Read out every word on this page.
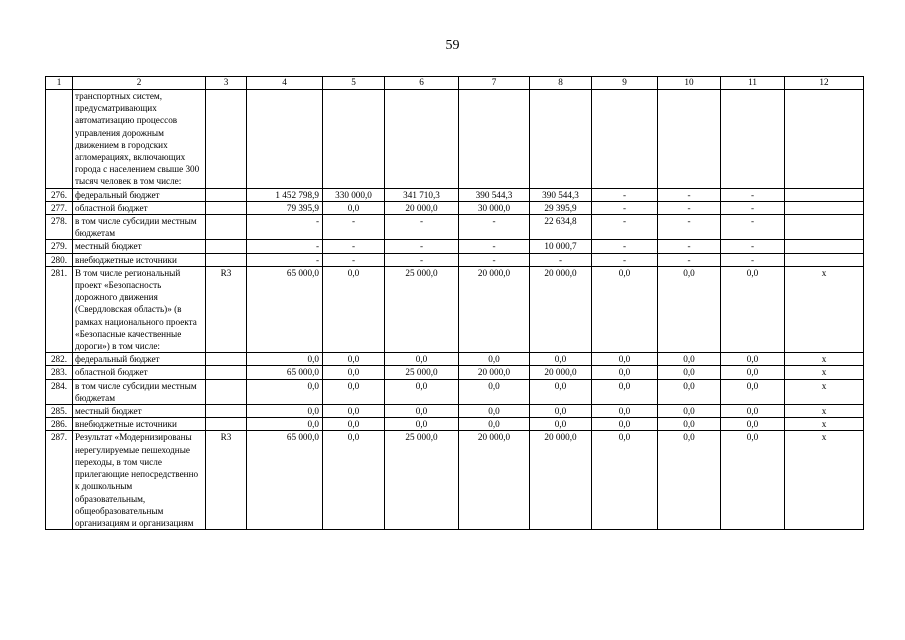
59
1	2	3	4	5	6	7	8	9	10	11	12
	транспортных систем, предусматривающих автоматизацию процессов управления дорожным движением в городских агломерациях, включающих города с населением свыше 300 тысяч человек в том числе:										
276.	федеральный бюджет		1 452 798,9	330 000,0	341 710,3	390 544,3	390 544,3	-	-	-	
277.	областной бюджет		79 395,9	0,0	20 000,0	30 000,0	29 395,9	-	-	-	
278.	в том числе субсидии местным бюджетам		-	-	-	-	22 634,8	-	-	-	
279.	местный бюджет		-	-	-	-	10 000,7	-	-	-	
280.	внебюджетные источники		-	-	-	-	-	-	-	-	
281.	В том числе региональный проект «Безопасность дорожного движения (Свердловская область)» (в рамках национального проекта «Безопасные качественные дороги») в том числе:	R3	65 000,0	0,0	25 000,0	20 000,0	20 000,0	0,0	0,0	0,0	x
282.	федеральный бюджет		0,0	0,0	0,0	0,0	0,0	0,0	0,0	0,0	x
283.	областной бюджет		65 000,0	0,0	25 000,0	20 000,0	20 000,0	0,0	0,0	0,0	x
284.	в том числе субсидии местным бюджетам		0,0	0,0	0,0	0,0	0,0	0,0	0,0	0,0	x
285.	местный бюджет		0,0	0,0	0,0	0,0	0,0	0,0	0,0	0,0	x
286.	внебюджетные источники		0,0	0,0	0,0	0,0	0,0	0,0	0,0	0,0	x
287.	Результат «Модернизированы нерегулируемые пешеходные переходы, в том числе прилегающие непосредственно к дошкольным образовательным, общеобразовательным организациям и организациям	R3	65 000,0	0,0	25 000,0	20 000,0	20 000,0	0,0	0,0	0,0	x
